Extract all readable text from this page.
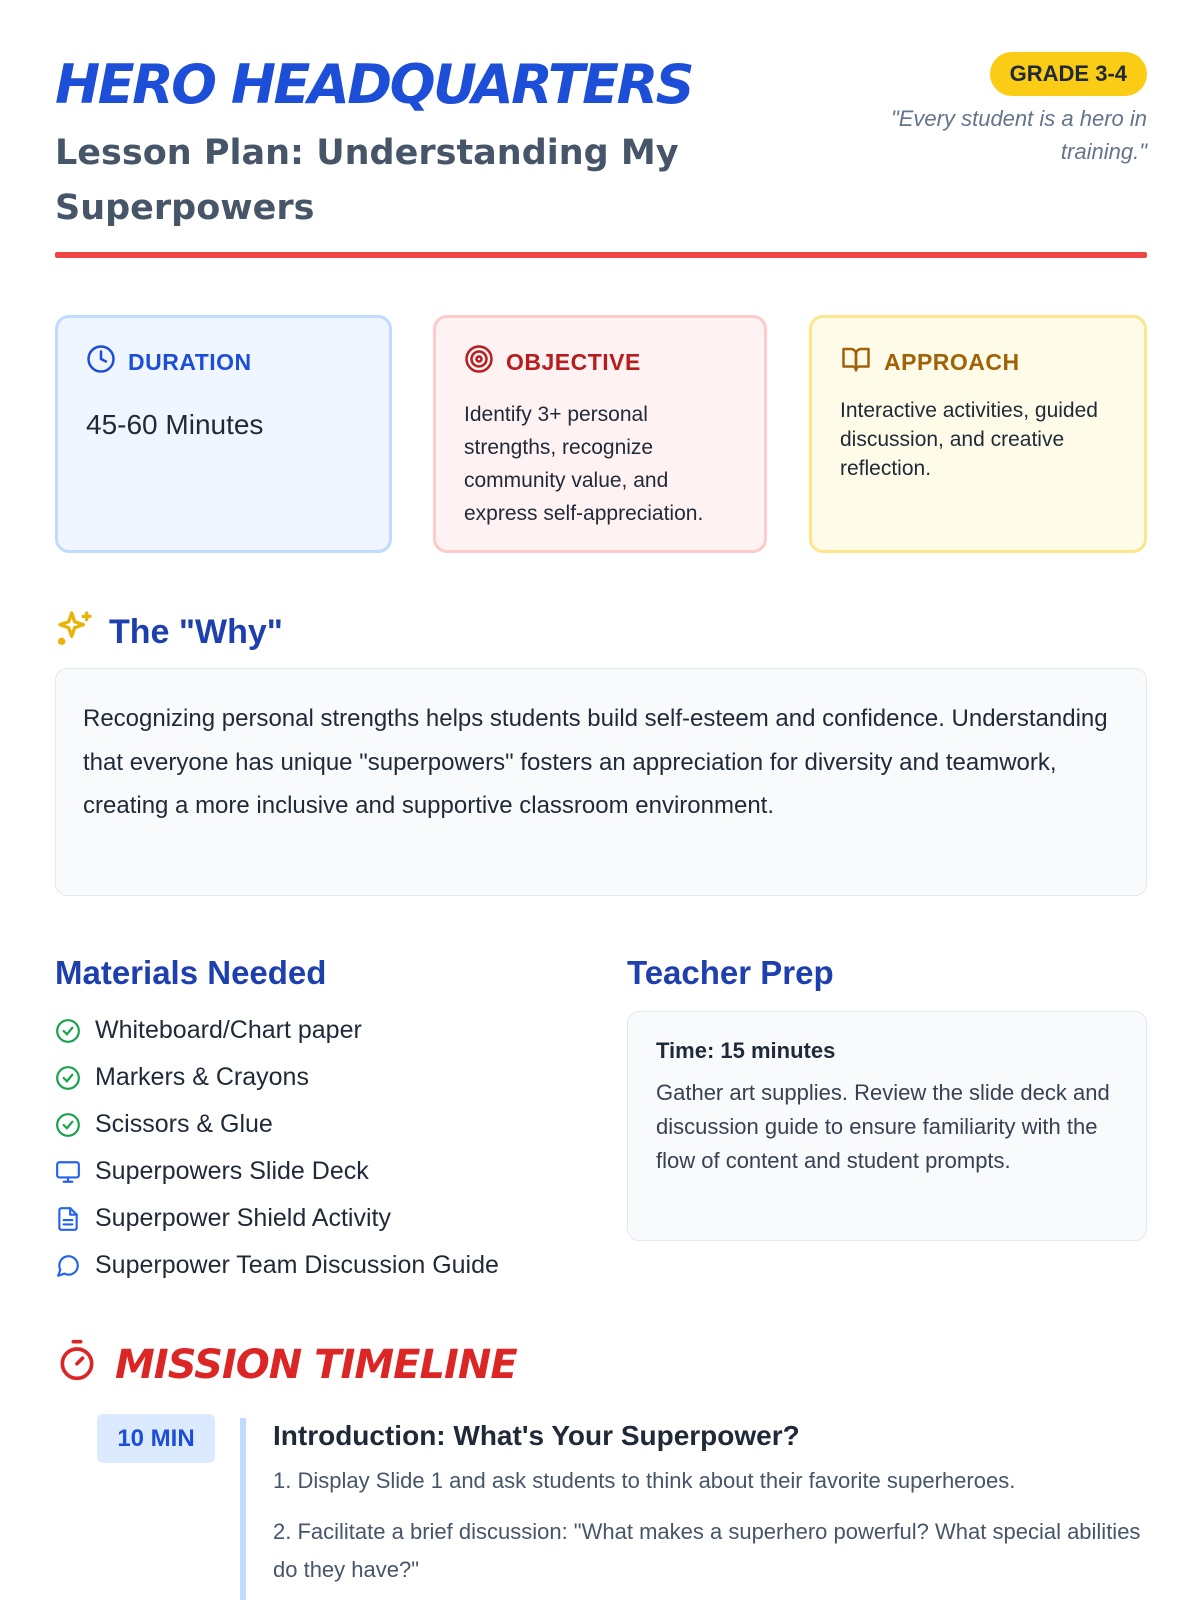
HERO HEADQUARTERS
Lesson Plan: Understanding My Superpowers
GRADE 3-4
"Every student is a hero in training."
DURATION
45-60 Minutes
OBJECTIVE
Identify 3+ personal strengths, recognize community value, and express self-appreciation.
APPROACH
Interactive activities, guided discussion, and creative reflection.
The "Why"

Recognizing personal strengths helps students build self-esteem and confidence. Understanding that everyone has unique "superpowers" fosters an appreciation for diversity and teamwork, creating a more inclusive and supportive classroom environment.

Materials Needed
Whiteboard/Chart paper
Markers & Crayons
Scissors & Glue
Superpowers Slide Deck
Superpower Shield Activity
Superpower Team Discussion Guide
Teacher Prep
Time: 15 minutes
Gather art supplies. Review the slide deck and discussion guide to ensure familiarity with the flow of content and student prompts.
MISSION TIMELINE
10 MIN	Introduction: What's Your Superpower?
1. Display Slide 1 and ask students to think about their favorite superheroes.
2. Facilitate a brief discussion: "What makes a superhero powerful? What special abilities do they have?"
